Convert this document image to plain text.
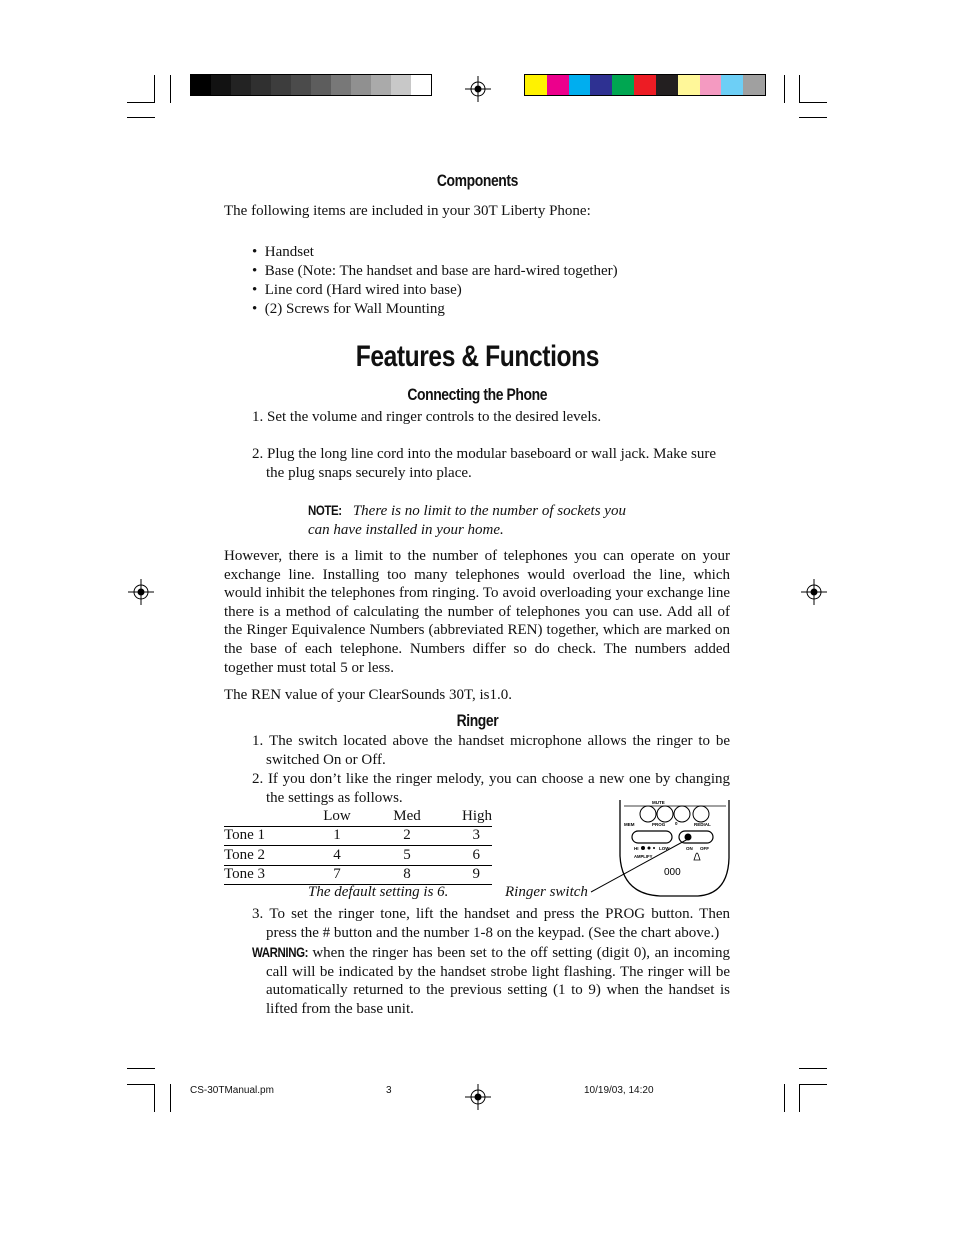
Components
The following items are included in your 30T Liberty Phone:
•  Handset
•  Base (Note: The handset and base are hard-wired together)
•  Line cord (Hard wired into base)
•  (2) Screws for Wall Mounting
Features & Functions
Connecting the Phone
1. Set the volume and ringer controls to the desired levels.
2. Plug the long line cord into the modular baseboard or wall jack. Make sure
the plug snaps securely into place.
NOTE: There is no limit to the number of sockets you
can have installed in your home.
However, there is a limit to the number of telephones you can operate on your exchange line. Installing too many telephones would overload the line, which would inhibit the telephones from ringing. To avoid overloading your exchange line there is a method of calculating the number of telephones you can use. Add all of the Ringer Equivalence Numbers (abbreviated REN) together, which are marked on the base of each telephone. Numbers differ so do check. The numbers added together must total 5 or less.
The REN value of your ClearSounds 30T, is1.0.
Ringer
1. The switch located above the handset microphone allows the ringer to be
switched On or Off.
2. If you don’t like the ringer melody, you can choose a new one by changing
the settings as follows.
	Low	Med	High
Tone 1	1	2	3
Tone 2	4	5	6
Tone 3	7	8	9
The default setting is 6.	Ringer switch
MUTE
MEM	PROG 0	REDIAL
HI	LOW	ON OFF
AMPLIFY
000
3. To set the ringer tone, lift the handset and press the PROG button. Then
press the # button and the number 1-8 on the keypad. (See the chart above.)
WARNING: when the ringer has been set to the off setting (digit 0), an incoming
call will be indicated by the handset strobe light flashing. The ringer will be
automatically returned to the previous setting (1 to 9) when the handset is
lifted from the base unit.
CS-30TManual.pm	3	10/19/03, 14:20
